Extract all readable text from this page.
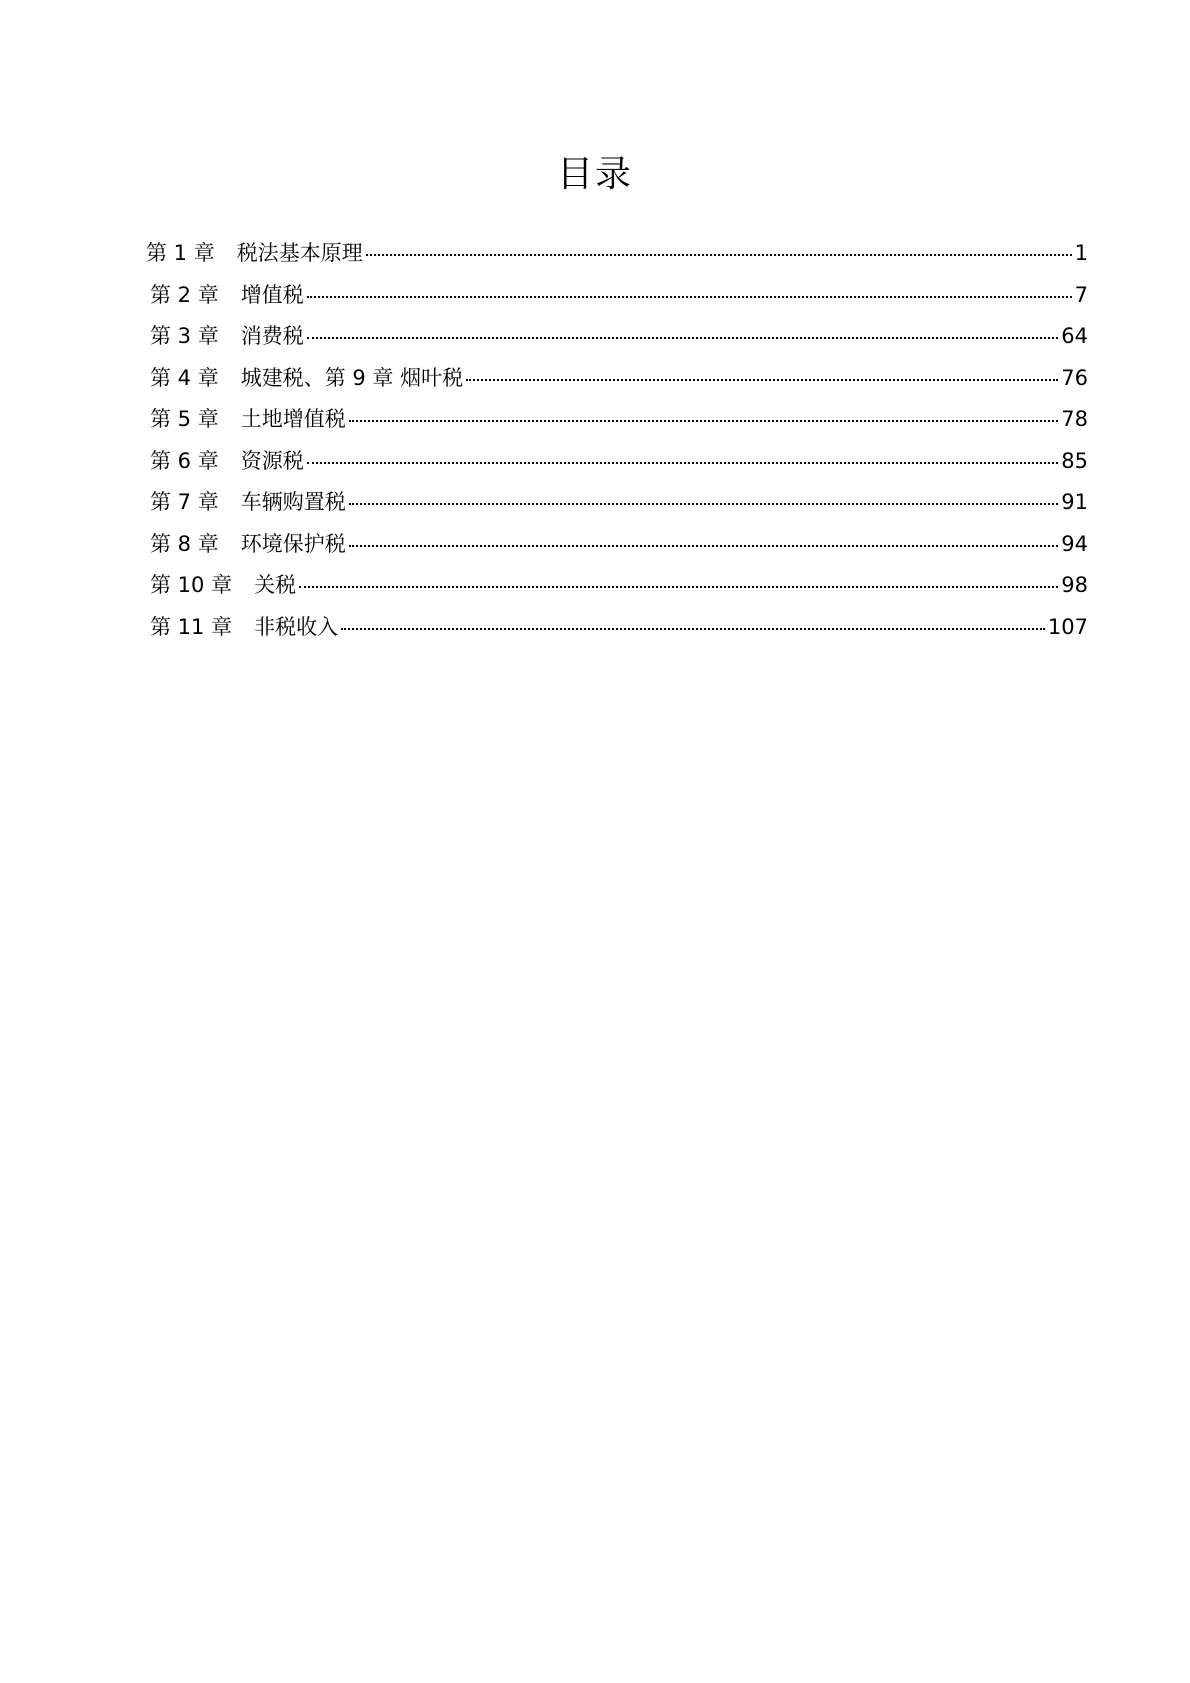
目录
第 1 章 税法基本原理	1
第 2 章 增值税	7
第 3 章 消费税	64
第 4 章 城建税、第 9 章 烟叶税	76
第 5 章 土地增值税	78
第 6 章 资源税	85
第 7 章 车辆购置税	91
第 8 章 环境保护税	94
第 10 章 关税	98
第 11 章 非税收入	107
